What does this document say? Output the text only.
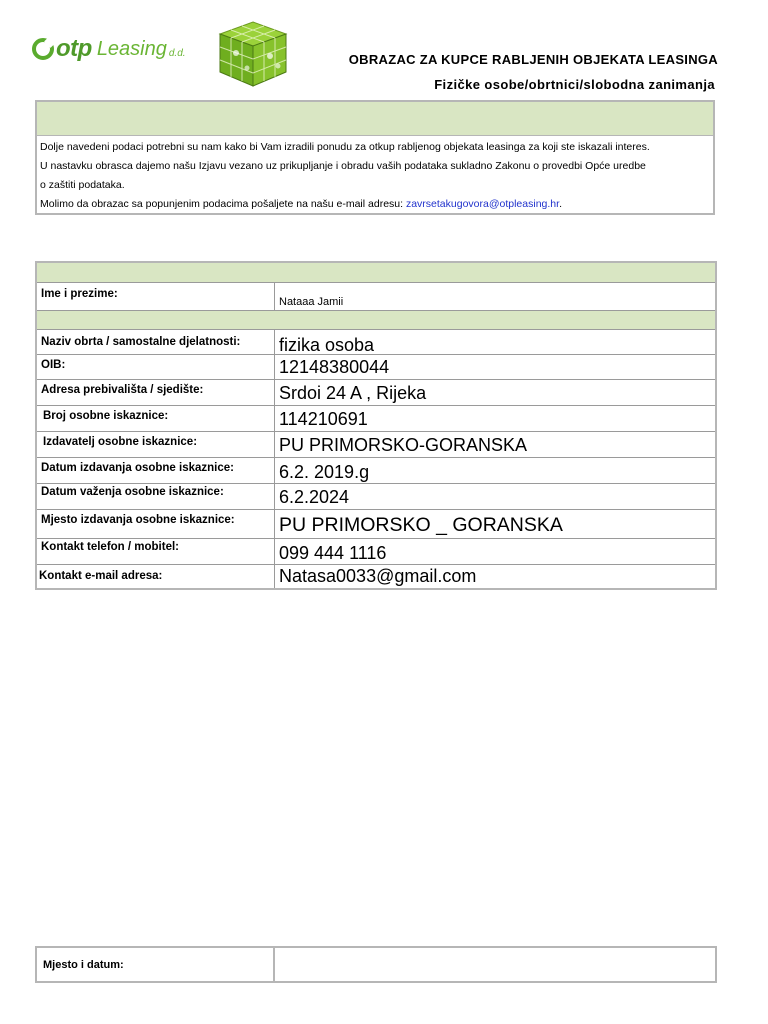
otp Leasing d.d.	OBRAZAC ZA KUPCE RABLJENIH OBJEKATA LEASINGA
Fizičke osobe/obrtnici/slobodna zanimanja

Dolje navedeni podaci potrebni su nam kako bi Vam izradili ponudu za otkup rabljenog objekata leasinga za koji ste iskazali interes.

U nastavku obrasca dajemo našu Izjavu vezano uz prikupljanje i obradu vaših podataka sukladno Zakonu o provedbi Opće uredbe

o zaštiti podataka.

Molimo da obrazac sa popunjenim podacima pošaljete na našu e-mail adresu: zavrsetakugovora@otpleasing.hr.

Ime i prezime:
Nataaa Jamii
Naziv obrta / samostalne djelatnosti:	fizika osoba
OIB:	12148380044
Adresa prebivališta / sjedište:	Srdoi 24 A , Rijeka
Broj osobne iskaznice:	114210691
Izdavatelj osobne iskaznice:	PU PRIMORSKO-GORANSKA
Datum izdavanja osobne iskaznice:	6.2. 2019.g
Datum važenja osobne iskaznice:	6.2.2024
Mjesto izdavanja osobne iskaznice:	PU PRIMORSKO _ GORANSKA
Kontakt telefon / mobitel:	099 444 1116
Kontakt e-mail adresa:	Natasa0033@gmail.com
Mjesto i datum:
